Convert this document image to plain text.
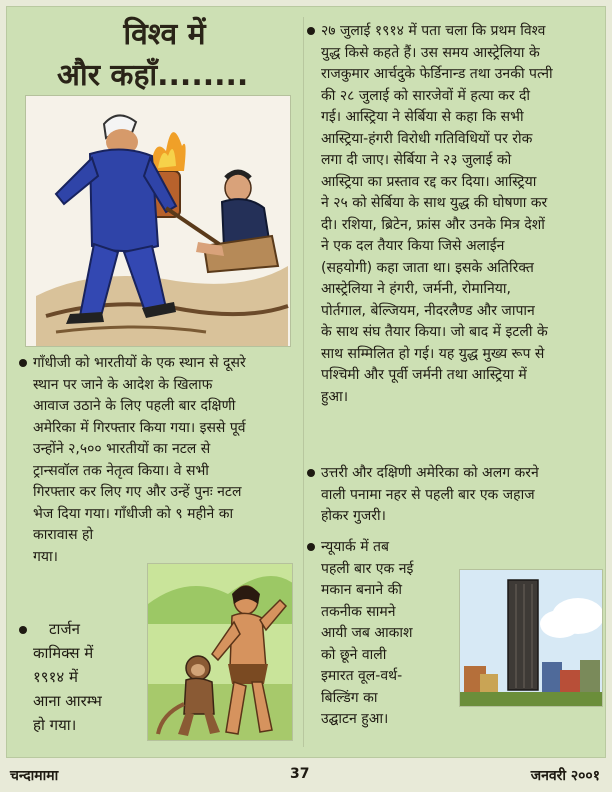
विश्व में
और कहाँ........
गाँधीजी को भारतीयों के एक स्थान से दूसरे
स्थान पर जाने के आदेश के खिलाफ
आवाज उठाने के लिए पहली बार दक्षिणी
अमेरिका में गिरफ्तार किया गया। इससे पूर्व
उन्होंने २,५०० भारतीयों का नटल से
ट्रान्सवॉल तक नेतृत्व किया। वे सभी
गिरफ्तार कर लिए गए और उन्हें पुनः नटल
भेज दिया गया। गाँधीजी को ९ महीने का
कारावास हो
गया।
टार्जन
कामिक्स में
१९१४ में
आना आरम्भ
हो गया।
२७ जुलाई १९१४ में पता चला कि प्रथम विश्व
युद्ध किसे कहते हैं। उस समय आस्ट्रेलिया के
राजकुमार आर्चदुके फेर्डिनान्ड तथा उनकी पत्नी
की २८ जुलाई को सारजेवों में हत्या कर दी
गई। आस्ट्रिया ने सेर्बिया से कहा कि सभी
आस्ट्रिया-हंगरी विरोधी गतिविधियों पर रोक
लगा दी जाए। सेर्बिया ने २३ जुलाई को
आस्ट्रिया का प्रस्ताव रद्द कर दिया। आस्ट्रिया
ने २५ को सेर्बिया के साथ युद्ध की घोषणा कर
दी। रशिया, ब्रिटेन, फ्रांस और उनके मित्र देशों
ने एक दल तैयार किया जिसे अलाईन
(सहयोगी) कहा जाता था। इसके अतिरिक्त
आस्ट्रेलिया ने हंगरी, जर्मनी, रोमानिया,
पोर्तगाल, बेल्जियम, नीदरलैण्ड और जापान
के साथ संघ तैयार किया। जो बाद में इटली के
साथ सम्मिलित हो गई। यह युद्ध मुख्य रूप से
पश्चिमी और पूर्वी जर्मनी तथा आस्ट्रिया में
हुआ।
उत्तरी और दक्षिणी अमेरिका को अलग करने
वाली पनामा नहर से पहली बार एक जहाज
होकर गुजरी।
न्यूयार्क में तब
पहली बार एक नई
मकान बनाने की
तकनीक सामने
आयी जब आकाश
को छूने वाली
इमारत वूल-वर्थ-
बिल्डिंग का
उद्घाटन हुआ।
चन्दामामा	37	जनवरी २००१
